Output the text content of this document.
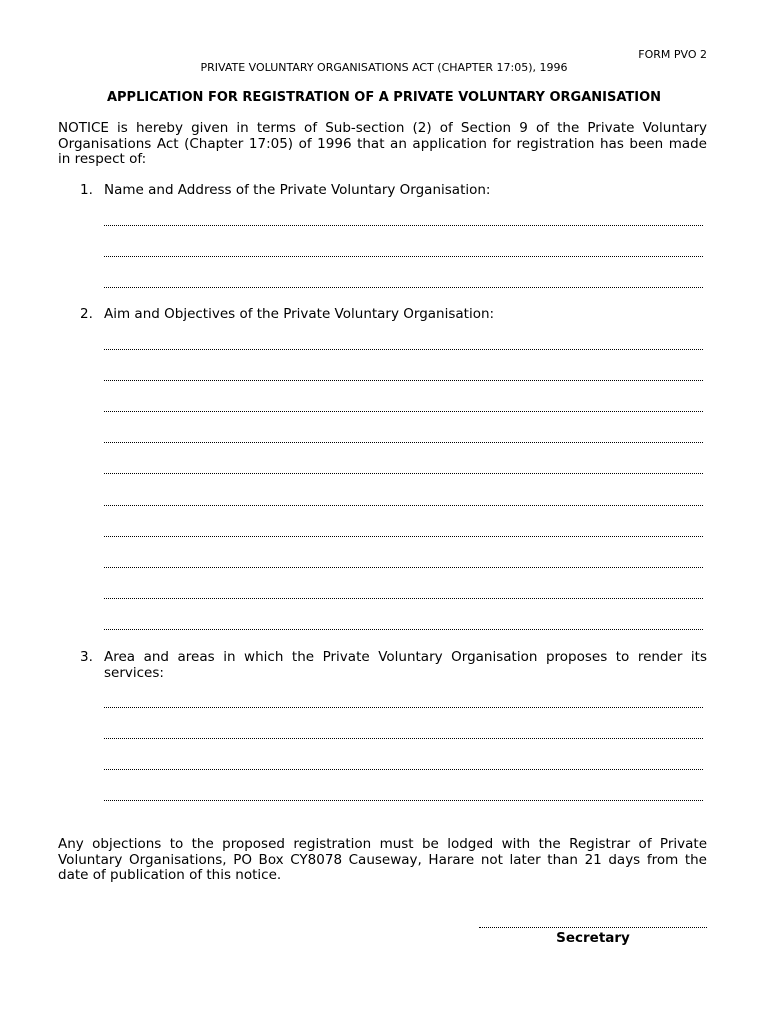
FORM PVO 2
PRIVATE VOLUNTARY ORGANISATIONS ACT (CHAPTER 17:05), 1996
APPLICATION FOR REGISTRATION OF A PRIVATE VOLUNTARY ORGANISATION
NOTICE is hereby given in terms of Sub-section (2) of Section 9 of the Private Voluntary Organisations Act (Chapter 17:05) of 1996 that an application for registration has been made in respect of:
1. Name and Address of the Private Voluntary Organisation:
2. Aim and Objectives of the Private Voluntary Organisation:
3. Area and areas in which the Private Voluntary Organisation proposes to render its services:
Any objections to the proposed registration must be lodged with the Registrar of Private Voluntary Organisations, PO Box CY8078 Causeway, Harare not later than 21 days from the date of publication of this notice.
Secretary
